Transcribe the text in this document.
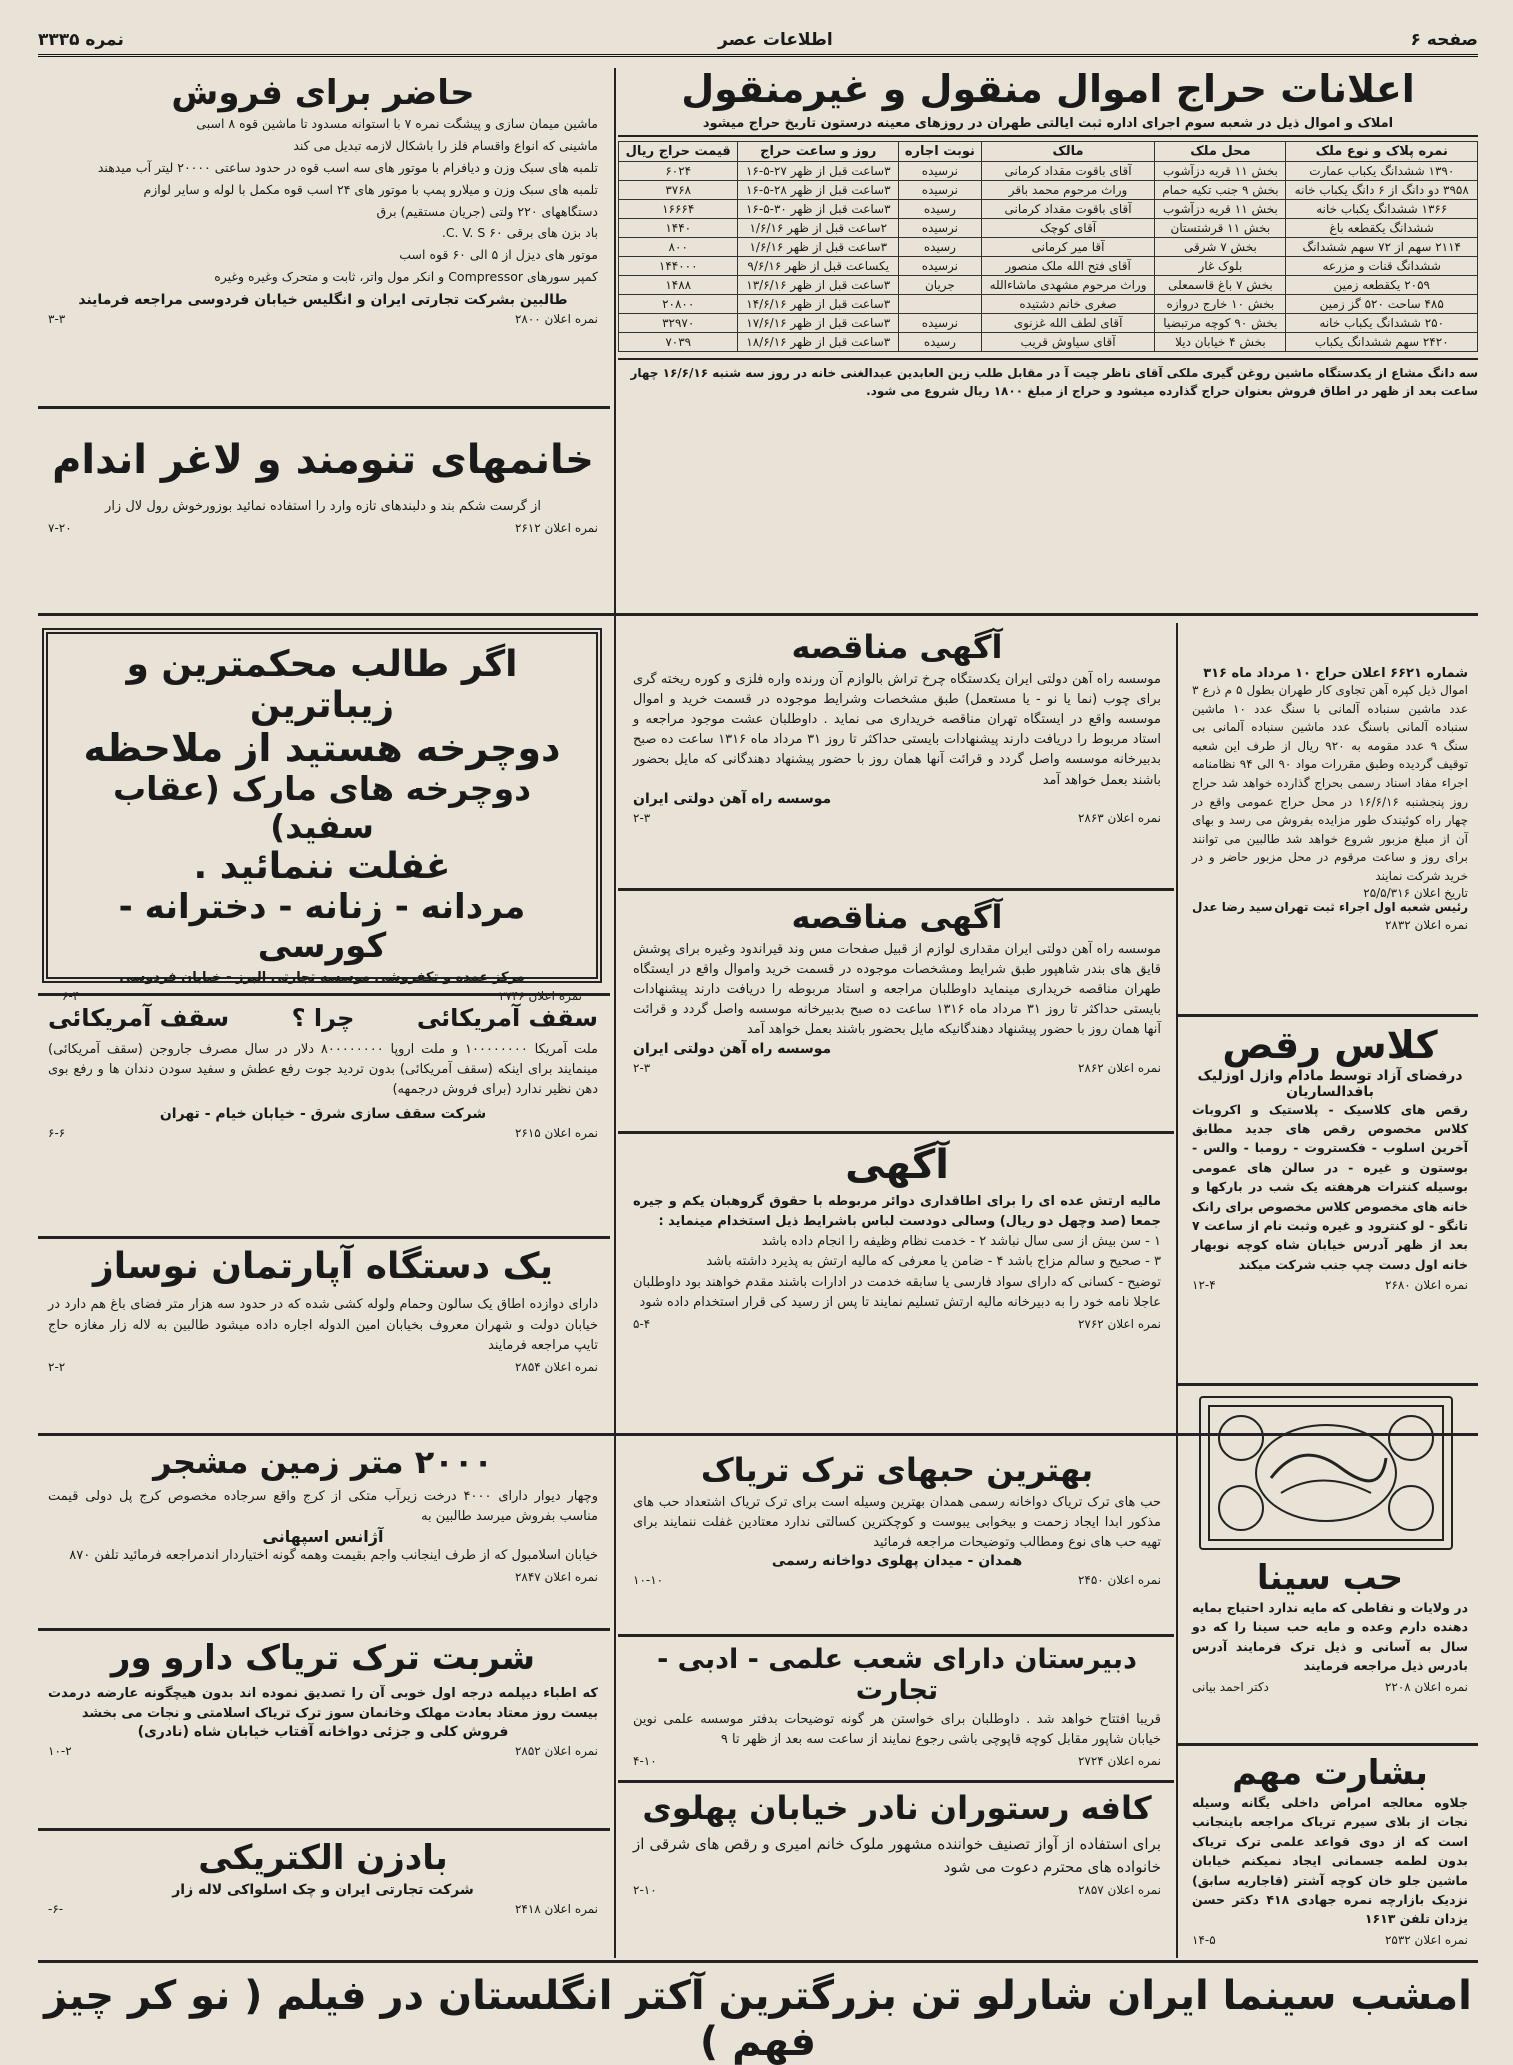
صفحه ۶
اطلاعات عصر
نمره ۳۳۳۵
اعلانات حراج اموال منقول و غیرمنقول
املاک و اموال ذیل در شعبه سوم اجرای اداره ثبت ایالتی طهران در روزهای معینه درستون تاریخ حراج میشود
نمره پلاک و نوع ملک	محل ملک	مالک	نوبت اجاره	روز و ساعت حراج	قیمت حراج ریال
۱۳۹۰ ششدانگ یکباب عمارت	بخش ۱۱ قریه دزآشوب	آقای باقوت مقداد کرمانی	نرسیده	۳ساعت قبل از ظهر ۲۷-۵-۱۶	۶۰۲۴
۳۹۵۸ دو دانگ از ۶ دانگ یکباب خانه	بخش ۹ جنب تکیه حمام	وراث مرحوم محمد باقر	نرسیده	۳ساعت قبل از ظهر ۲۸-۵-۱۶	۳۷۶۸
۱۳۶۶ ششدانگ یکباب خانه	بخش ۱۱ قریه دزآشوب	آقای باقوت مقداد کرمانی	رسیده	۳ساعت قبل از ظهر ۳۰-۵-۱۶	۱۶۶۶۴
ششدانگ یکقطعه باغ	بخش ۱۱ قرشتستان	آقای کوچک	نرسیده	۲ساعت قبل از ظهر ۱/۶/۱۶	۱۴۴۰
۲۱۱۴ سهم از ۷۲ سهم ششدانگ	بخش ۷ شرقی	آقا میر کرمانی	رسیده	۳ساعت قبل از ظهر ۱/۶/۱۶	۸۰۰
ششدانگ قنات و مزرعه	بلوک غار	آقای فتح الله ملک منصور	نرسیده	یکساعت قبل از ظهر ۹/۶/۱۶	۱۴۴۰۰۰
۲۰۵۹ یکقطعه زمین	بخش ۷ باغ قاسمعلی	وراث مرحوم مشهدی ماشاءالله	جریان	۳ساعت قبل از ظهر ۱۳/۶/۱۶	۱۴۸۸
۴۸۵ ساحت ۵۲۰ گز زمین	بخش ۱۰ خارج دروازه	صغری خانم دشتیده		۳ساعت قبل از ظهر ۱۴/۶/۱۶	۲۰۸۰۰
۲۵۰ ششدانگ یکباب خانه	بخش ۹۰ کوچه مرتبضیا	آقای لطف الله غزنوی	نرسیده	۳ساعت قبل از ظهر ۱۷/۶/۱۶	۳۲۹۷۰
۲۴۲۰ سهم ششدانگ یکباب	بخش ۴ خیابان دیلا	آقای سیاوش قریب	رسیده	۳ساعت قبل از ظهر ۱۸/۶/۱۶	۷۰۳۹
سه دانگ مشاع از یکدستگاه ماشین روغن گیری ملکی آقای ناظر چیت آ در مقابل طلب زین العابدین عبدالغنی خانه در روز سه شنبه ۱۶/۶/۱۶ چهار ساعت بعد از ظهر در اطاق فروش بعنوان حراج گذارده میشود و حراج از مبلغ ۱۸۰۰ ریال شروع می شود.
حاضر برای فروش
ماشین میمان سازی و پیشگت نمره ۷ با استوانه مسدود تا ماشین قوه ۸ اسبی
ماشینی که انواع واقسام فلز را باشکال لازمه تبدیل می کند
تلمبه های سبک وزن و دیافرام با موتور های سه اسب قوه در حدود ساعتی ۲۰۰۰۰ لیتر آب میدهند
تلمبه های سبک وزن و میلارو پمپ با موتور های ۲۴ اسب قوه مکمل با لوله و سایر لوازم
دستگاههای ۲۲۰ ولتی (جریان مستقیم) برق
باد بزن های برقی ۶۰ C. V. S.
موتور های دیزل از ۵ الی ۶۰ قوه اسب
کمپر سورهای Compressor و انکر مول واتر، ثابت و متحرک وغیره وغیره
طالبین بشرکت تجارتی ایران و انگلیس خیابان فردوسی مراجعه فرمایند
نمره اعلان ۲۸۰۰
۳-۳
خانمهای تنومند و لاغر اندام
از گرست شکم بند و دلبندهای تازه وارد را استفاده نمائید بوزورخوش رول لال زار
نمره اعلان ۲۶۱۲
۷-۲۰
اگر طالب محکمترین و زیباترین
دوچرخه هستید از ملاحظه
دوچرخه های مارک (عقاب سفید)
غفلت ننمائید .
مردانه - زنانه - دخترانه - کورسی
مرکز عمده و تکفروشی موسسه تجارتی البرز - خیابان فردوسی
سقف آمریکائی
چرا ؟
سقف آمریکائی
ملت آمریکا ۱۰۰۰۰۰۰۰۰ و ملت اروپا ۸۰۰۰۰۰۰۰۰ دلار در سال مصرف جاروجن (سقف آمریکائی) مینمایند برای اینکه (سقف آمریکائی) بدون تردید جوت رفع عطش و سفید سودن دندان ها و رفع بوی دهن نظیر ندارد (برای فروش درجمهه)
شرکت سقف سازی شرق - خیابان خیام - تهران
نمره اعلان ۲۶۱۵
۶-۶
یک دستگاه آپارتمان نوساز
دارای دوازده اطاق یک سالون وحمام ولوله کشی شده که در حدود سه هزار متر فضای باغ هم دارد در خیابان دولت و شهران معروف بخیابان امین الدوله اجاره داده میشود طالبین به لاله زار مغازه حاج تایپ مراجعه فرمایند
نمره اعلان ۲۸۵۴
۲-۲
۲۰۰۰ متر زمین مشجر
وچهار دیوار دارای ۴۰۰۰ درخت زیرآب متکی از کرج واقع سرجاده مخصوص کرج پل دولی قیمت مناسب بفروش میرسد طالبین به
آژانس اسپهانی
خیابان اسلامبول که از طرف اینجانب واجم بقیمت وهمه گونه اختیاردار اندمراجعه فرمائید تلفن ۸۷۰
نمره اعلان ۲۸۴۷
شربت ترک تریاک دارو ور
که اطباء دیپلمه درجه اول خوبی آن را تصدیق نموده اند بدون هیچگونه عارضه درمدت بیست روز معتاد بعادت مهلک وخانمان سوز ترک تریاک اسلامتی و نجات می بخشد
فروش کلی و جزئی دواخانه آفتاب خیابان شاه (نادری)
نمره اعلان ۲۸۵۲
۱۰-۲
بادزن الکتریکی
شرکت تجارتی ایران و چک اسلواکی لاله زار
نمره اعلان ۲۴۱۸
-۶-
آگهی مناقصه
موسسه راه آهن دولتی ایران یکدستگاه چرخ تراش بالوازم آن ورنده واره فلزی و کوره ریخته گری برای چوب (نما یا نو - یا مستعمل) طبق مشخصات وشرایط موجوده در قسمت خرید و اموال موسسه واقع در ایستگاه تهران مناقصه خریداری می نماید . داوطلبان عشت موجود مراجعه و استاد مربوط را دریافت دارند پیشنهادات بایستی حداکثر تا روز ۳۱ مرداد ماه ۱۳۱۶ ساعت ده صبح بدبیرخانه موسسه واصل گردد و قرائت آنها همان روز با حضور پیشنهاد دهندگانی که مایل بحضور باشند بعمل خواهد آمد
موسسه راه آهن دولتی ایران
نمره اعلان ۲۸۶۳
۲-۳
آگهی مناقصه
موسسه راه آهن دولتی ایران مقداری لوازم از قبیل صفحات مس وند قیراندود وغیره برای پوشش قایق های بندر شاهپور طبق شرایط ومشخصات موجوده در قسمت خرید واموال واقع در ایستگاه طهران مناقصه خریداری مینماید داوطلبان مراجعه و استاد مربوطه را دریافت دارند پیشنهادات بایستی حداکثر تا روز ۳۱ مرداد ماه ۱۳۱۶ ساعت ده صبح بدبیرخانه موسسه واصل گردد و قرائت آنها همان روز با حضور پیشنهاد دهندگانیکه مایل بحضور باشند بعمل خواهد آمد
موسسه راه آهن دولتی ایران
نمره اعلان ۲۸۶۲
۲-۳
آگهی
مالیه ارتش عده ای را برای اطاقداری دوائر مربوطه با حقوق گروهبان یکم و جیره جمعا (صد وچهل دو ریال) وسالی دودست لباس باشرایط ذیل استخدام مینماید :
۱ - سن بیش از سی سال نباشد ۲ - خدمت نظام وظیفه را انجام داده باشد
۳ - صحیح و سالم مزاج باشد ۴ - ضامن یا معرفی که مالیه ارتش به پذیرد داشته باشد
توضیح - کسانی که دارای سواد فارسی یا سابقه خدمت در ادارات باشند مقدم خواهند بود داوطلبان عاجلا نامه خود را به دبیرخانه مالیه ارتش تسلیم نمایند تا پس از رسید کی قرار استخدام داده شود
نمره اعلان ۲۷۶۲
۵-۴
بهترین حبهای ترک تریاک
حب های ترک تریاک دواخانه رسمی همدان بهترین وسیله است برای ترک تریاک اشتعداد حب های مذکور ابدا ایجاد زحمت و بیخوابی یبوست و کوچکترین کسالتی ندارد معتادین غفلت ننمایند برای تهیه حب های نوع ومطالب وتوضیحات مراجعه فرمائید
همدان - میدان پهلوی دواخانه رسمی
نمره اعلان ۲۴۵۰
۱۰-۱۰
دبیرستان دارای شعب علمی - ادبی - تجارت
قریبا افتتاح خواهد شد . داوطلبان برای خواستن هر گونه توضیحات بدفتر موسسه علمی نوین خیابان شاپور مقابل کوچه قاپوچی باشی رجوع نمایند از ساعت سه بعد از ظهر تا ۹
نمره اعلان ۲۷۲۴
۴-۱۰
کافه رستوران نادر خیابان پهلوی
برای استفاده از آواز تصنیف خواننده مشهور ملوک خانم امیری و رقص های شرقی از خانواده های محترم دعوت می شود
نمره اعلان ۲۸۵۷
۲-۱۰
شماره ۶۶۲۱ اعلان حراج ۱۰ مرداد ماه ۳۱۶
اموال ذیل کپره آهن تجاوی کار طهران بطول ۵ م ذرع ۳ عدد ماشین سنباده آلمانی با سنگ عدد ۱۰ ماشین سنباده آلمانی باسنگ عدد ماشین سنباده آلمانی بی سنگ ۹ عدد مقومه به ۹۲۰ ریال از طرف این شعبه توقیف گردیده وطبق مقررات مواد ۹۰ الی ۹۴ نظامنامه اجراء مفاد اسناد رسمی بحراج گذارده خواهد شد حراج روز پنجشنبه ۱۶/۶/۱۶ در محل حراج عمومی واقع در چهار راه کوئیندک طور مزایده بفروش می رسد و بهای آن از مبلغ مزبور شروع خواهد شد طالبین می توانند برای روز و ساعت مرقوم در محل مزبور حاضر و در خرید شرکت نمایند
تاریخ اعلان ۲۵/۵/۳۱۶
رئیس شعبه اول اجراء ثبت تهران
سید رضا عدل
نمره اعلان ۲۸۳۲
کلاس رقص
درفضای آزاد توسط مادام وازل اوزلیک بافدالساریان
رقص های کلاسیک - پلاستیک و اکروبات کلاس مخصوص رقص های جدید مطابق آخرین اسلوب - فکستروت - رومبا - والس - بوستون و غیره - در سالن های عمومی بوسیله کنترات هرهفته یک شب در بارکها و خانه های مخصوص کلاس مخصوص برای رانک تانگو - لو کنترود و غیره وثبت نام از ساعت ۷ بعد از ظهر آدرس خیابان شاه کوچه نوبهار خانه اول دست چپ جنب شرکت میکند
نمره اعلان ۲۶۸۰
۱۲-۴
حب سینا
در ولایات و نقاطی که مایه ندارد احتیاج بمایه دهنده دارم وعده و مایه حب سینا را که دو سال به آسانی و ذیل ترک فرمایند آدرس بادرس ذیل مراجعه فرمایند
نمره اعلان ۲۲۰۸
دکتر احمد بیانی
بشارت مهم
جلاوه معالجه امراض داخلی یگانه وسیله نجات از بلای سیرم تریاک مراجعه باینجانب است که از دوی قواعد علمی ترک تریاک بدون لطمه جسمانی ایجاد نمیکنم خیابان ماشین جلو خان کوچه آشتر (قاجاریه سابق) نزدیک بازارچه نمره جهادی ۴۱۸ دکتر حسن یزدان تلفن ۱۶۱۳
نمره اعلان ۲۵۳۲
۱۴-۵
امشب سینما ایران شارلو تن بزرگترین آکتر انگلستان در فیلم ( نو کر چیز فهم )
